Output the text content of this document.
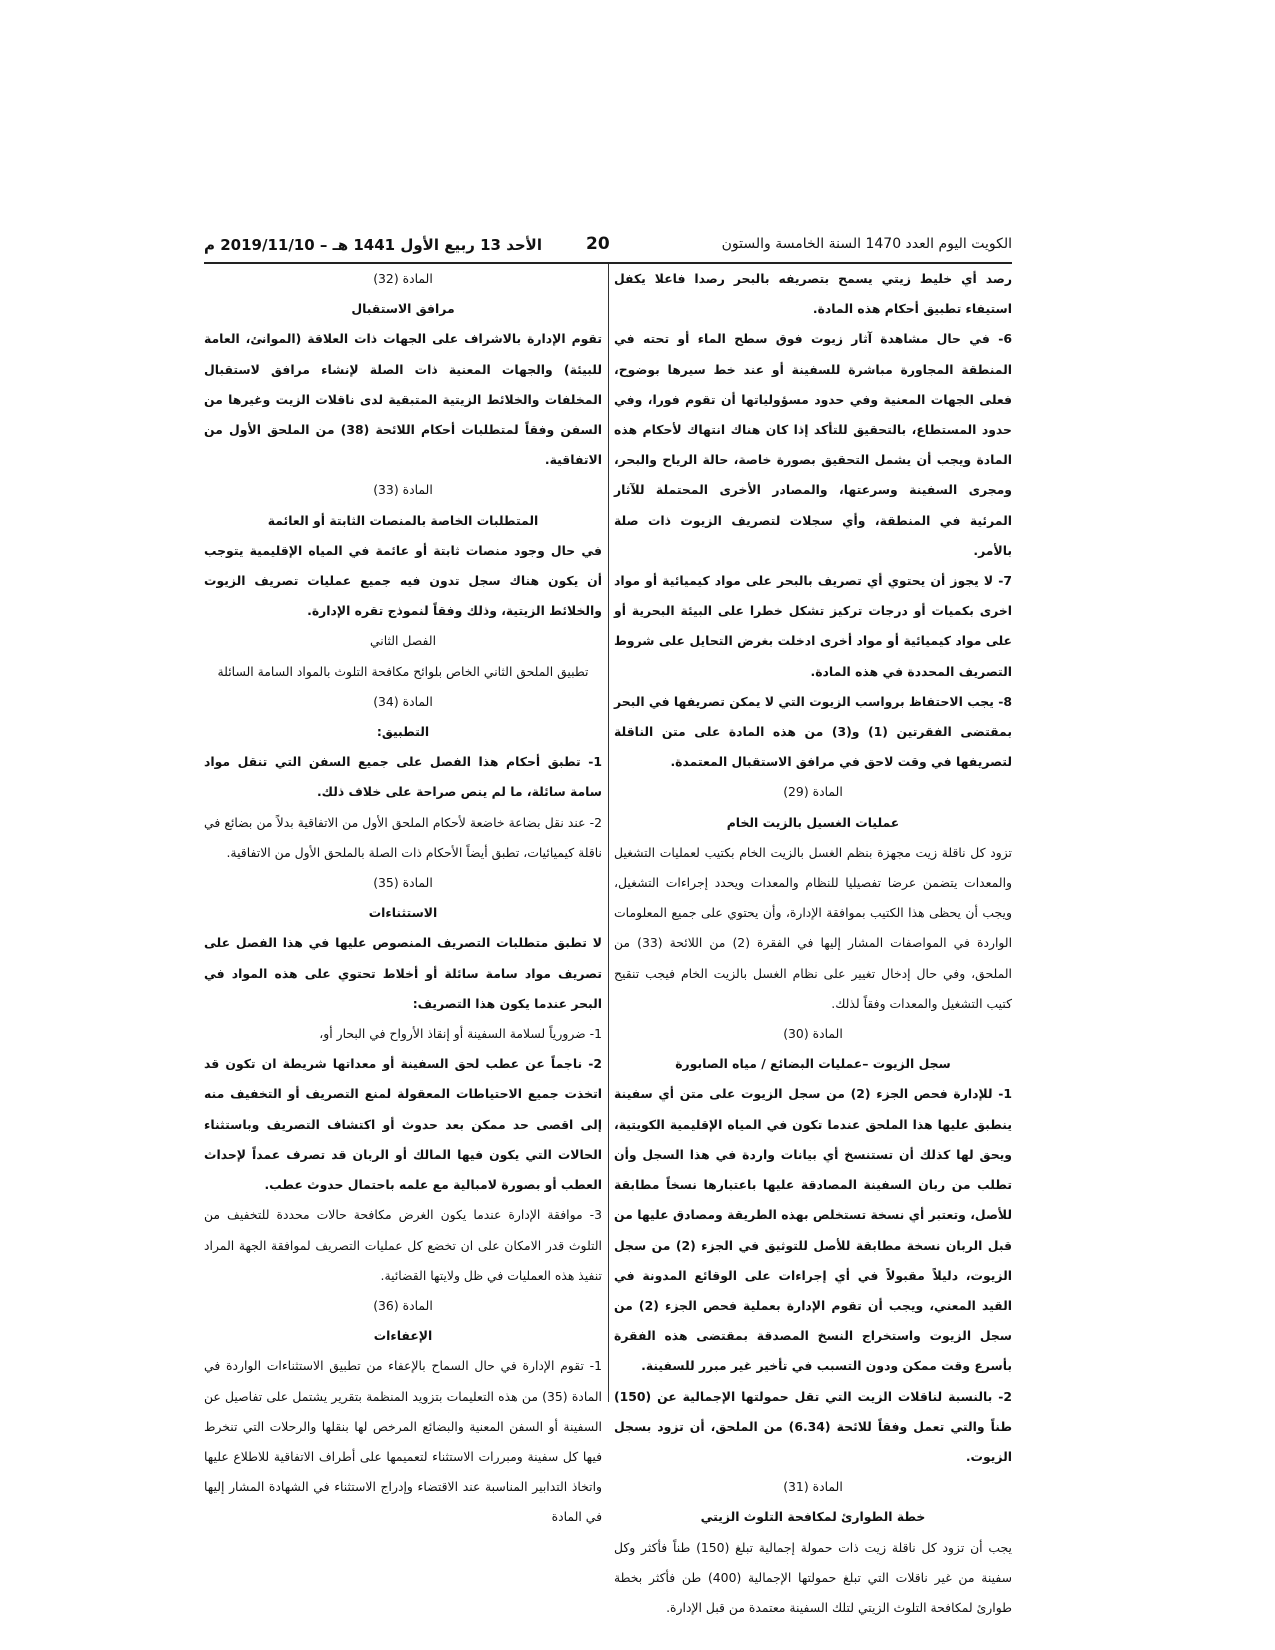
الأحد 13 ربيع الأول 1441 هـ – 2019/11/10 م	20	الكويت اليوم العدد 1470 السنة الخامسة والستون

رصد أي خليط زيتي يسمح بتصريفه بالبحر رصدا فاعلا يكفل استيفاء تطبيق أحكام هذه المادة.

6- في حال مشاهدة آثار زيوت فوق سطح الماء أو تحته في المنطقة المجاورة مباشرة للسفينة أو عند خط سيرها بوضوح، فعلى الجهات المعنية وفي حدود مسؤولياتها أن تقوم فورا، وفي حدود المستطاع، بالتحقيق للتأكد إذا كان هناك انتهاك لأحكام هذه المادة ويجب أن يشمل التحقيق بصورة خاصة، حالة الرياح والبحر، ومجرى السفينة وسرعتها، والمصادر الأخرى المحتملة للآثار المرئية في المنطقة، وأي سجلات لتصريف الزيوت ذات صلة بالأمر.

7- لا يجوز أن يحتوي أي تصريف بالبحر على مواد كيميائية أو مواد اخرى بكميات أو درجات تركيز تشكل خطرا على البيئة البحرية أو على مواد كيميائية أو مواد أخرى ادخلت بغرض التحايل على شروط التصريف المحددة في هذه المادة.

8- يجب الاحتفاظ برواسب الزيوت التي لا يمكن تصريفها في البحر بمقتضى الفقرتين (1) و(3) من هذه المادة على متن الناقلة لتصريفها في وقت لاحق في مرافق الاستقبال المعتمدة.

المادة (29)

عمليات الغسيل بالزيت الخام

تزود كل ناقلة زيت مجهزة بنظم الغسل بالزيت الخام بكتيب لعمليات التشغيل والمعدات يتضمن عرضا تفصيليا للنظام والمعدات ويحدد إجراءات التشغيل، ويجب أن يحظى هذا الكتيب بموافقة الإدارة، وأن يحتوي على جميع المعلومات الواردة في المواصفات المشار إليها في الفقرة (2) من اللائحة (33) من الملحق، وفي حال إدخال تغيير على نظام الغسل بالزيت الخام فيجب تنقيح كتيب التشغيل والمعدات وفقاً لذلك.

المادة (30)

سجل الزيوت –عمليات البضائع / مياه الصابورة

1- للإدارة فحص الجزء (2) من سجل الزيوت على متن أي سفينة ينطبق عليها هذا الملحق عندما تكون في المياه الإقليمية الكويتية، ويحق لها كذلك أن تستنسخ أي بيانات واردة في هذا السجل وأن تطلب من ربان السفينة المصادقة عليها باعتبارها نسخاً مطابقة للأصل، وتعتبر أي نسخة تستخلص بهذه الطريقة ومصادق عليها من قبل الربان نسخة مطابقة للأصل للتوثيق في الجزء (2) من سجل الزيوت، دليلاً مقبولاً في أي إجراءات على الوقائع المدونة في القيد المعني، ويجب أن تقوم الإدارة بعملية فحص الجزء (2) من سجل الزيوت واستخراج النسخ المصدقة بمقتضى هذه الفقرة بأسرع وقت ممكن ودون التسبب في تأخير غير مبرر للسفينة.

2- بالنسبة لناقلات الزيت التي تقل حمولتها الإجمالية عن (150) طناً والتي تعمل وفقاً للائحة (6.34) من الملحق، أن تزود بسجل الزيوت.

المادة (31)

خطة الطوارئ لمكافحة التلوث الزيتي

يجب أن تزود كل ناقلة زيت ذات حمولة إجمالية تبلغ (150) طناً فأكثر وكل سفينة من غير ناقلات التي تبلغ حمولتها الإجمالية (400) طن فأكثر بخطة طوارئ لمكافحة التلوث الزيتي لتلك السفينة معتمدة من قبل الإدارة.

المادة (32)

مرافق الاستقبال

تقوم الإدارة بالاشراف على الجهات ذات العلاقة (الموانئ، العامة للبيئة) والجهات المعنية ذات الصلة لإنشاء مرافق لاستقبال المخلفات والخلائط الزيتية المتبقية لدى ناقلات الزيت وغيرها من السفن وفقاً لمتطلبات أحكام اللائحة (38) من الملحق الأول من الاتفاقية.

المادة (33)

المتطلبات الخاصة بالمنصات الثابتة أو العائمة

في حال وجود منصات ثابتة أو عائمة في المياه الإقليمية يتوجب أن يكون هناك سجل تدون فيه جميع عمليات تصريف الزيوت والخلائط الزيتية، وذلك وفقاً لنموذج تقره الإدارة.

الفصل الثاني

تطبيق الملحق الثاني الخاص بلوائح مكافحة التلوث بالمواد السامة السائلة

المادة (34)

التطبيق:

1- تطبق أحكام هذا الفصل على جميع السفن التي تنقل مواد سامة سائلة، ما لم ينص صراحة على خلاف ذلك.

2- عند نقل بضاعة خاضعة لأحكام الملحق الأول من الاتفاقية بدلاً من بضائع في ناقلة كيميائيات، تطبق أيضاً الأحكام ذات الصلة بالملحق الأول من الاتفاقية.

المادة (35)

الاستثناءات

لا تطبق متطلبات التصريف المنصوص عليها في هذا الفصل على تصريف مواد سامة سائلة أو أخلاط تحتوي على هذه المواد في البحر عندما يكون هذا التصريف:

1- ضرورياً لسلامة السفينة أو إنقاذ الأرواح في البحار أو،

2- ناجماً عن عطب لحق السفينة أو معداتها شريطة ان تكون قد اتخذت جميع الاحتياطات المعقولة لمنع التصريف أو التخفيف منه إلى اقصى حد ممكن بعد حدوث أو اكتشاف التصريف وباستثناء الحالات التي يكون فيها المالك أو الربان قد تصرف عمداً لإحداث العطب أو بصورة لامبالية مع علمه باحتمال حدوث عطب.

3- موافقة الإدارة عندما يكون الغرض مكافحة حالات محددة للتخفيف من التلوث قدر الامكان على ان تخضع كل عمليات التصريف لموافقة الجهة المراد تنفيذ هذه العمليات في ظل ولايتها القضائية.

المادة (36)

الإعفاءات

1- تقوم الإدارة في حال السماح بالإعفاء من تطبيق الاستثناءات الواردة في المادة (35) من هذه التعليمات بتزويد المنظمة بتقرير يشتمل على تفاصيل عن السفينة أو السفن المعنية والبضائع المرخص لها بنقلها والرحلات التي تنخرط فيها كل سفينة ومبررات الاستثناء لتعميمها على أطراف الاتفاقية للاطلاع عليها واتخاذ التدابير المناسبة عند الاقتضاء وإدراج الاستثناء في الشهادة المشار إليها في المادة
